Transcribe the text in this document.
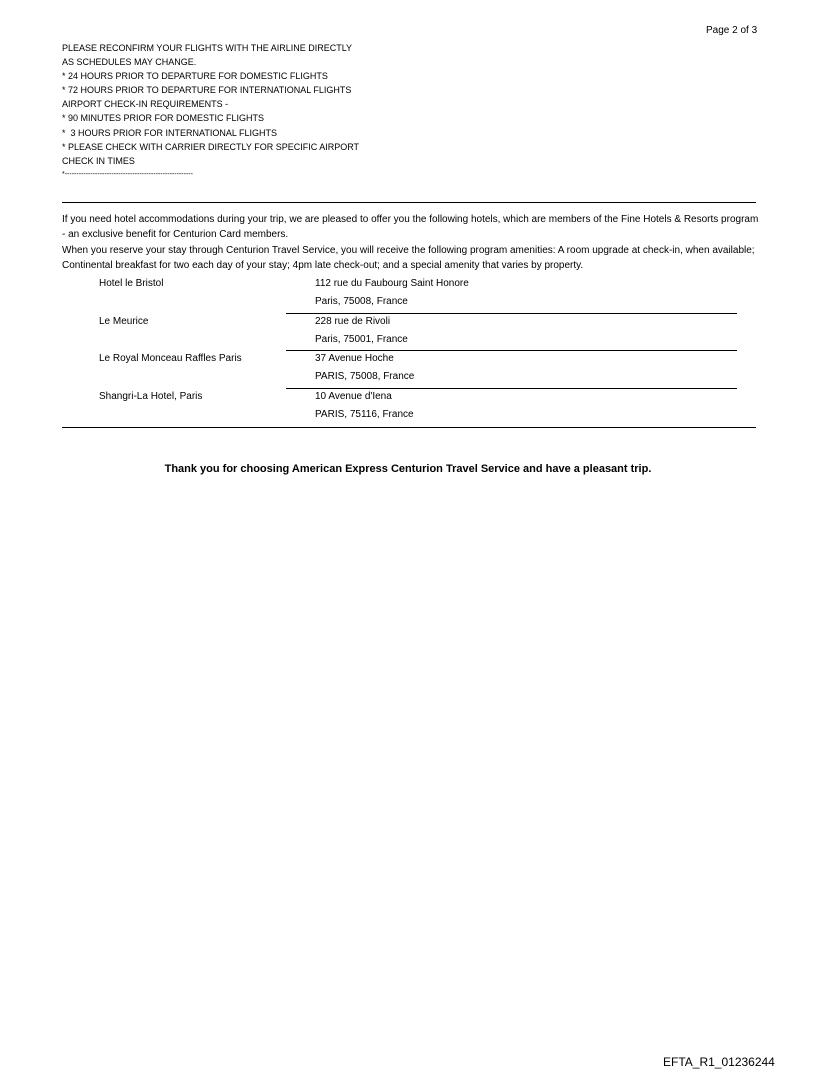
Page 2 of 3
PLEASE RECONFIRM YOUR FLIGHTS WITH THE AIRLINE DIRECTLY
AS SCHEDULES MAY CHANGE.
* 24 HOURS PRIOR TO DEPARTURE FOR DOMESTIC FLIGHTS
* 72 HOURS PRIOR TO DEPARTURE FOR INTERNATIONAL FLIGHTS
AIRPORT CHECK-IN REQUIREMENTS -
* 90 MINUTES PRIOR FOR DOMESTIC FLIGHTS
*  3 HOURS PRIOR FOR INTERNATIONAL FLIGHTS
* PLEASE CHECK WITH CARRIER DIRECTLY FOR SPECIFIC AIRPORT
CHECK IN TIMES
*-------------------------------------------------------
If you need hotel accommodations during your trip, we are pleased to offer you the following hotels, which are members of the Fine Hotels & Resorts program - an exclusive benefit for Centurion Card members.
When you reserve your stay through Centurion Travel Service, you will receive the following program amenities: A room upgrade at check-in, when available; Continental breakfast for two each day of your stay; 4pm late check-out; and a special amenity that varies by property.
Hotel le Bristol	112 rue du Faubourg Saint Honore
Paris, 75008, France
Le Meurice	228 rue de Rivoli
Paris, 75001, France
Le Royal Monceau Raffles Paris	37 Avenue Hoche
PARIS, 75008, France
Shangri-La Hotel, Paris	10 Avenue d'Iena
PARIS, 75116, France
Thank you for choosing American Express Centurion Travel Service and have a pleasant trip.
EFTA_R1_01236244
